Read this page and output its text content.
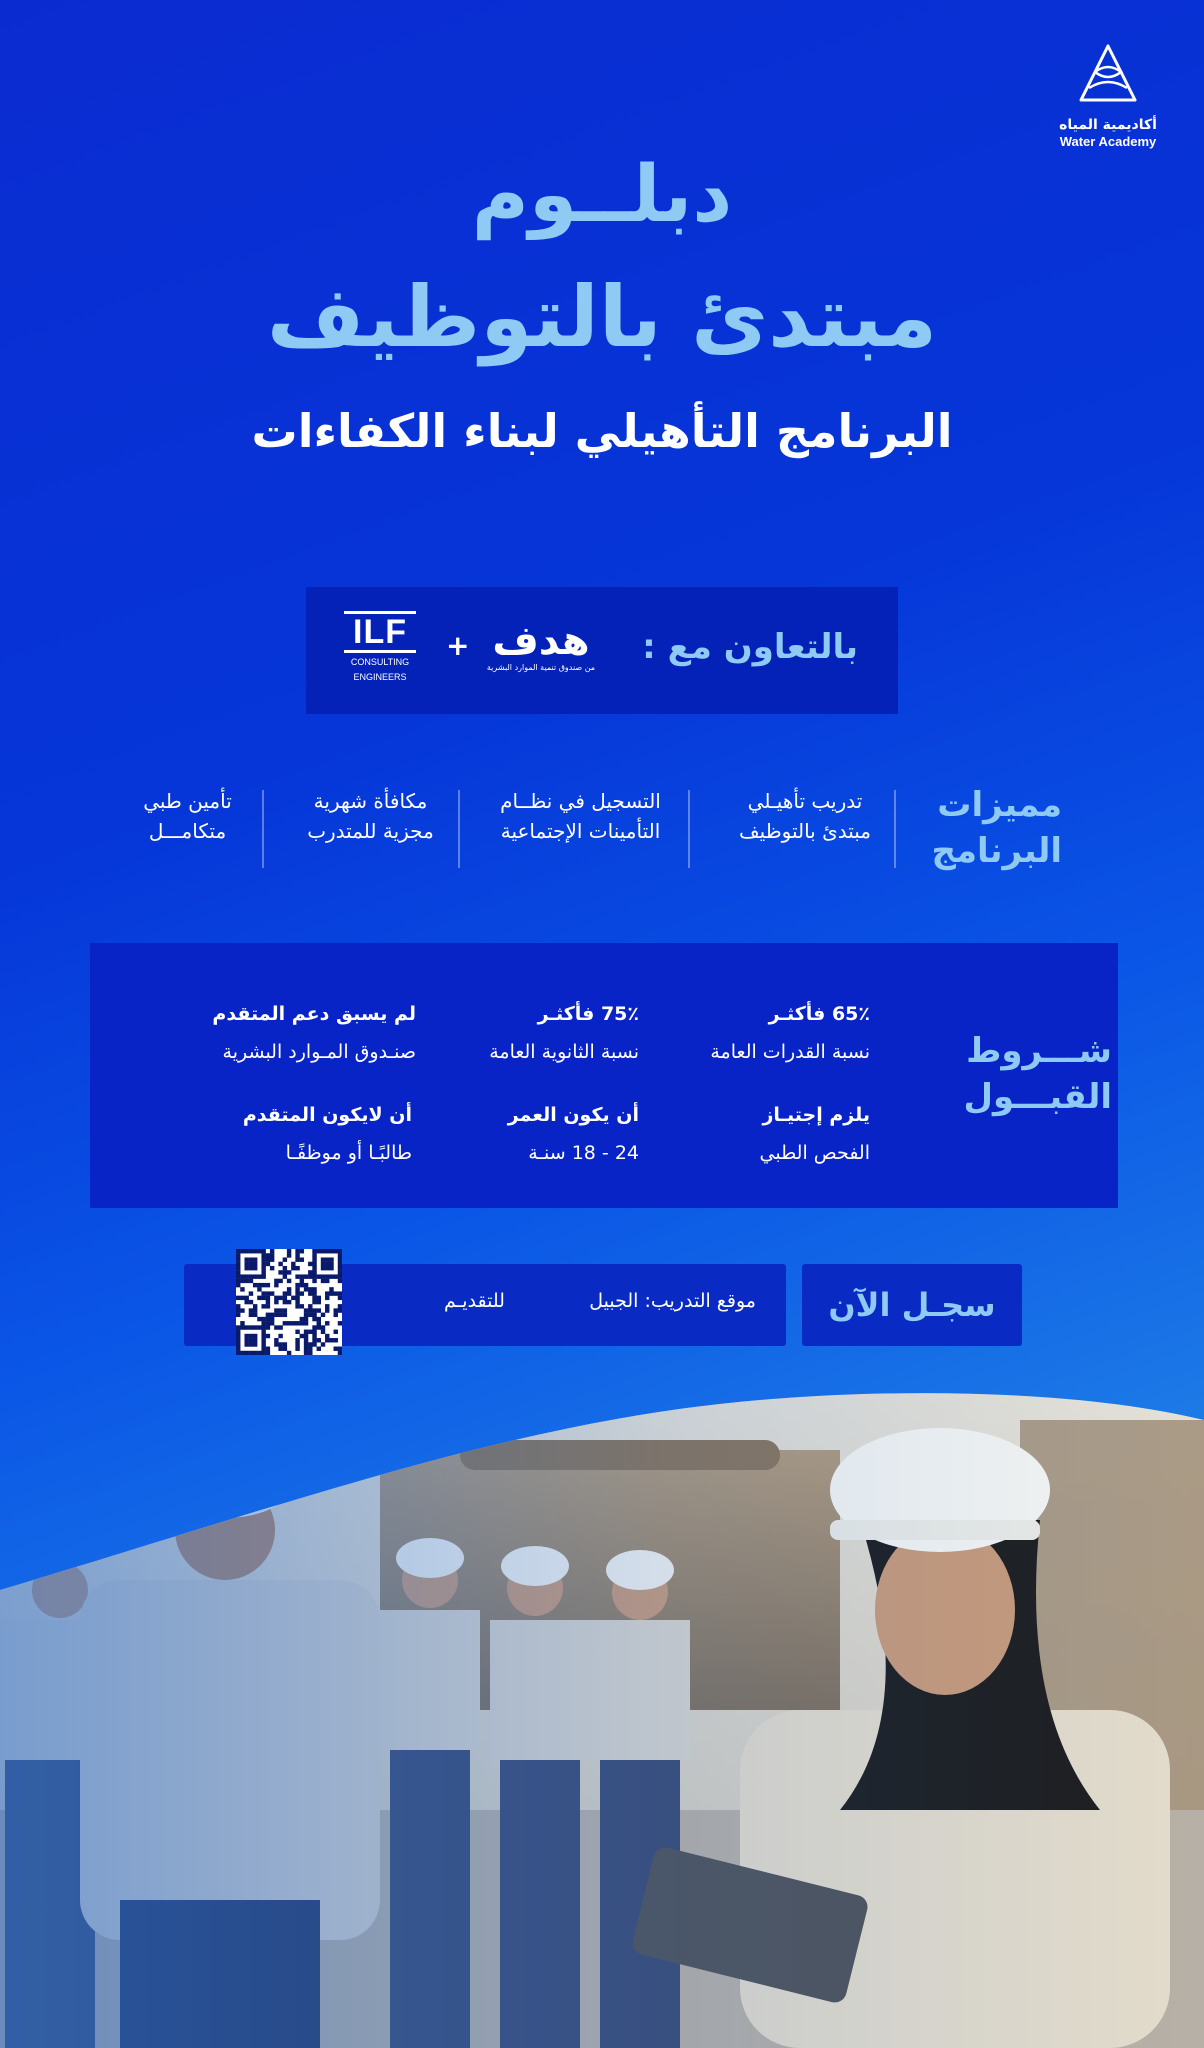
أكاديمية المياه
Water Academy
دبلــوم
مبتدئ بالتوظيف
البرنامج التأهيلي لبناء الكفاءات
بالتعاون مع :
هدف
من صندوق تنمية الموارد البشرية
+
ILF
CONSULTING
ENGINEERS
مميزات
البرنامج
تدريب تأهيـلي
مبتدئ بالتوظيف
التسجيل في نظــام
التأمينات الإجتماعية
مكافأة شهرية
مجزية للمتدرب
تأمين طبي
متكامـــل
شـــروط
القبـــول
65٪ فأكثـر
نسبة القدرات العامة
75٪ فأكثـر
نسبة الثانوية العامة
لم يسبق دعم المتقدم
صنـدوق المـوارد البشرية
يلزم إجتيـاز
الفحص الطبي
أن يكون العمر
24 - 18 سنـة
أن لايكون المتقدم
طالبًـا أو موظفًـا
سجـل الآن
موقع التدريب: الجبيل
للتقديـم
